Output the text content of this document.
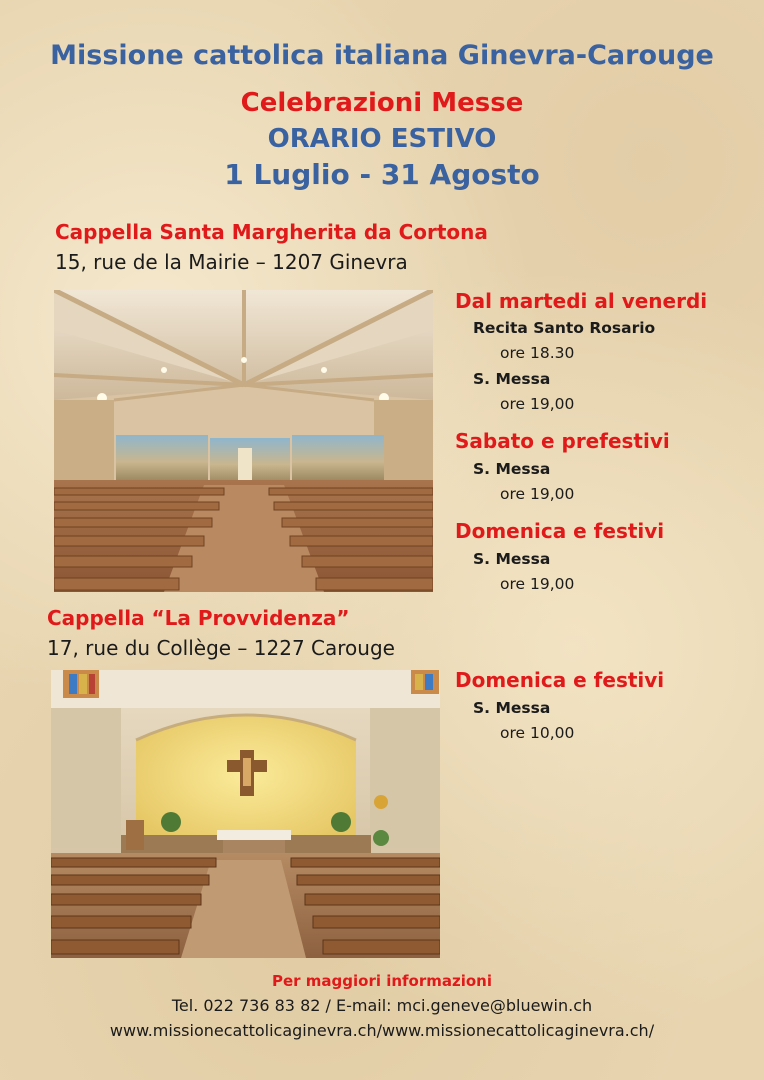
Missione cattolica italiana Ginevra-Carouge
Celebrazioni Messe
ORARIO ESTIVO
1 Luglio - 31 Agosto
Cappella Santa Margherita da Cortona
15, rue de la Mairie – 1207 Ginevra
Dal martedi al venerdi
Recita Santo Rosario
ore 18.30
S. Messa
ore 19,00
Sabato e prefestivi
S. Messa
ore 19,00
Domenica e festivi
S. Messa
ore 19,00
Cappella “La Provvidenza”
17, rue du Collège – 1227 Carouge
Domenica e festivi
S. Messa
ore 10,00
Per maggiori informazioni
Tel. 022 736 83 82 / E-mail: mci.geneve@bluewin.ch
www.missionecattolicaginevra.ch/www.missionecattolicaginevra.ch/
